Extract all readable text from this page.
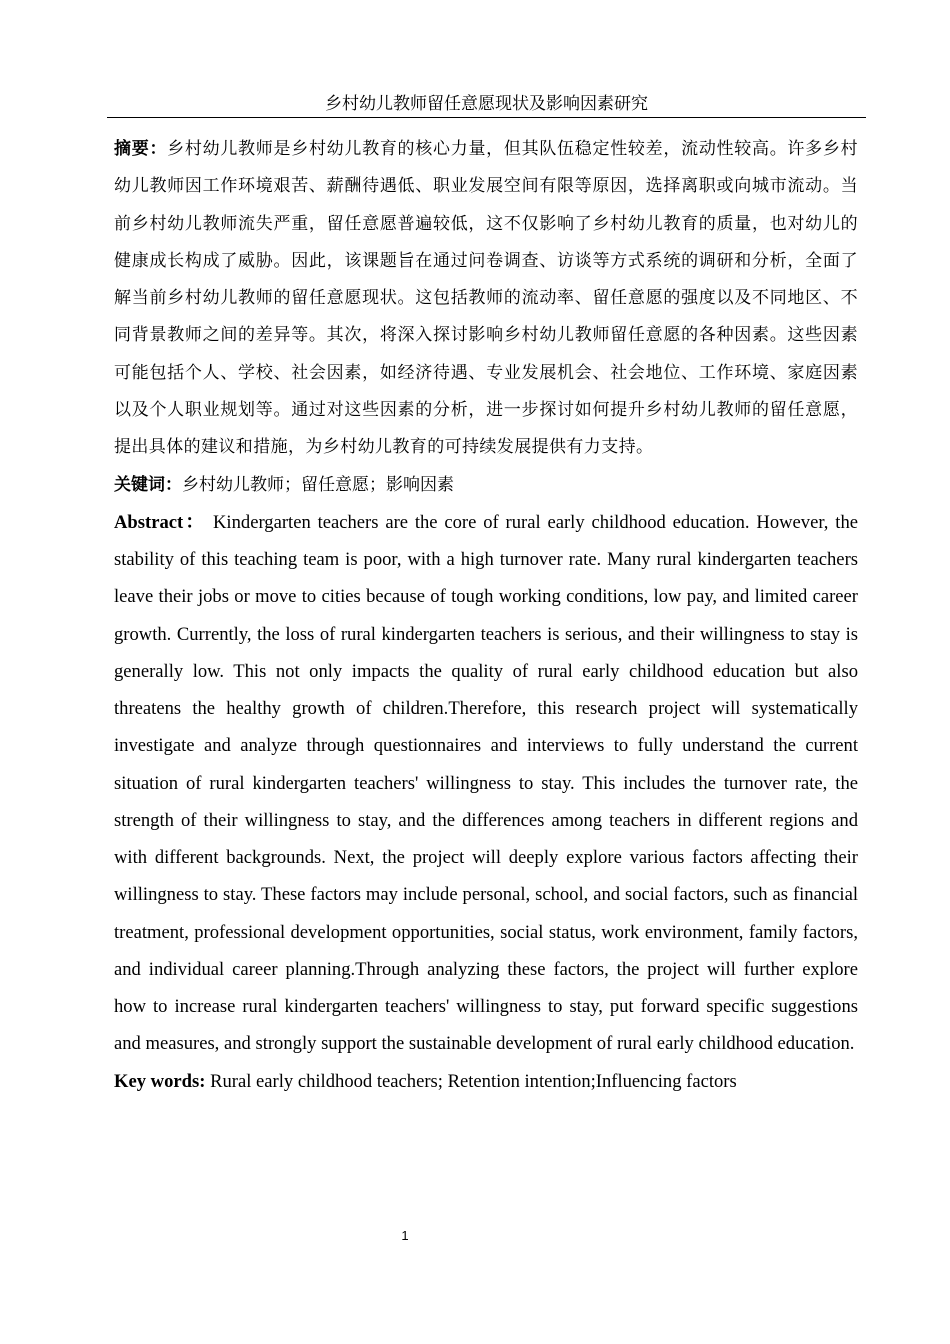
乡村幼儿教师留任意愿现状及影响因素研究

摘要：乡村幼儿教师是乡村幼儿教育的核心力量，但其队伍稳定性较差，流动性较高。许多乡村幼儿教师因工作环境艰苦、薪酬待遇低、职业发展空间有限等原因，选择离职或向城市流动。当前乡村幼儿教师流失严重，留任意愿普遍较低，这不仅影响了乡村幼儿教育的质量，也对幼儿的健康成长构成了威胁。因此，该课题旨在通过问卷调查、访谈等方式系统的调研和分析，全面了解当前乡村幼儿教师的留任意愿现状。这包括教师的流动率、留任意愿的强度以及不同地区、不同背景教师之间的差异等。其次，将深入探讨影响乡村幼儿教师留任意愿的各种因素。这些因素可能包括个人、学校、社会因素，如经济待遇、专业发展机会、社会地位、工作环境、家庭因素以及个人职业规划等。通过对这些因素的分析，进一步探讨如何提升乡村幼儿教师的留任意愿，提出具体的建议和措施，为乡村幼儿教育的可持续发展提供有力支持。

关键词：乡村幼儿教师；留任意愿；影响因素

Abstract： Kindergarten teachers are the core of rural early childhood education. However, the stability of this teaching team is poor, with a high turnover rate. Many rural kindergarten teachers leave their jobs or move to cities because of tough working conditions, low pay, and limited career growth. Currently, the loss of rural kindergarten teachers is serious, and their willingness to stay is generally low. This not only impacts the quality of rural early childhood education but also threatens the healthy growth of children.Therefore, this research project will systematically investigate and analyze through questionnaires and interviews to fully understand the current situation of rural kindergarten teachers' willingness to stay. This includes the turnover rate, the strength of their willingness to stay, and the differences among teachers in different regions and with different backgrounds. Next, the project will deeply explore various factors affecting their willingness to stay. These factors may include personal, school, and social factors, such as financial treatment, professional development opportunities, social status, work environment, family factors, and individual career planning.Through analyzing these factors, the project will further explore how to increase rural kindergarten teachers' willingness to stay, put forward specific suggestions and measures, and strongly support the sustainable development of rural early childhood education.

Key words: Rural early childhood teachers; Retention intention;Influencing factors

1
